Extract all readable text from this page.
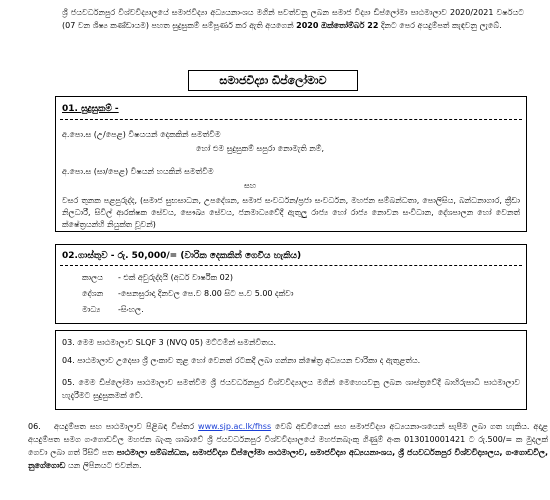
ශ්‍රී ජයවර්ධනපුර විශ්වවිද්‍යාලයේ සමාජවිද්‍යා අධ්‍යයනාංශය මගින් පවත්වනු ලබන සමාජ විද්‍යා ඩිප්ලෝමා පාඨමාලාව 2020/2021 වර්ෂයට (07 වන ශිෂ්‍ය කණ්ඩායම) පහත සුදුසුකම් සම්පූර්ණ කර ඇති අයගෙන් 2020 ඔක්තෝම්බර් 22 දිනට පෙර අයදුම්පත් කැඳවනු ලැබේ.
සමාජවිද්‍යා ඩිප්ලෝමාව
01. සුදුසුකම් -
අ.පො.ස (උ/පෙළ) විෂයයන් දෙකකින් සමත්වීම
හෝ එම සුදුසුකම් සපුරා නොමැති නම්,
අ.පො.ස (සා/පෙළ) විෂයන් හයකින් සමත්වීම
සහ
වසර තුනක පළපුරුද්ද, (සමාජ සුභසාධන, උපදේශන, සමාජ සංවර්ධන/ප්‍රජා සංවර්ධන, මහජන සම්බන්ධතා, පොලිසිය, බන්ධනාගාර, ක්‍රීඩා නිලධාරී, සිවිල් ආරක්ෂක සේවය, සෞඛ්‍ය සේවය, ජනමාධ්‍යවේදී ඇතුලු රාජ්‍ය හෝ රාජ්‍ය නොවන සංවිධාන, දේශපාලන හෝ වෙනත් ක්ෂේත්‍රයන්හි නියුක්ත වූවන්)
02.ගාස්තුව - රු. 50,000/= (වාරික දෙකකින් ගෙවිය හැකිය)
කාලය - එක් අවුරුද්දයි (අර්ධ වාර්ෂික 02)
දේශන -සෙනසුරාදා දිනවල පෙ.ව 8.00 සිට ප.ව 5.00 දක්වා
මාධ්‍ය -සිංහල.
03. මෙම පාඨමාලාව SLQF 3 (NVQ 05) මට්ටමින් සමන්විතය.
04. පාඨමාලාව උදෙසා ශ්‍රී ලංකාව තුළ හෝ වෙනත් රටකදී ලබා ගන්නා ක්ෂේත්‍ර අධ්‍යයන චාරිකා ද ඇතුළත්ය.
05. මෙම ඩිප්ලෝමා පාඨමාලාව සමත්වීම ශ්‍රී ජයවර්ධනපුර විශ්වවිද්‍යාලය මගින් මෙහෙයවනු ලබන ශාස්ත්‍රවේදී බාහිරුපාධි පාඨමාලාව හැදැරීමට සුදුසුකමක් වේ.
06. අයදුම්පත සහ පාඨමාලාව පිළිබඳ විස්තර www.sjp.ac.lk/fhss වෙබ් අඩවියෙන් සහ සමාජවිද්‍යා අධ්‍යයනාංශයෙන් සැපීම ලබා ගත හැකිය. අදාළ අයදුම්පත සමග ගංගොඩවිල මහජන බැංකු ශාඛාවේ ශ්‍රී ජයවර්ධනපුර විශ්වවිද්‍යාලයේ මහජනබැංකු ගිණුම් අංක 013010001421 ට රු.500/= ක මුදලක් ගෙවා ලබා ගත් රිසිට් පත පාඨමාලා සම්බන්ධක, සමාජවිද්‍යා ඩිප්ලෝමා පාඨමාලාව, සමාජවිද්‍යා අධ්‍යයනාංශය, ශ්‍රී ජයවර්ධනපුර විශ්වවිද්‍යාලය, ගංගොඩවිල, නුගේගොඩ යන ලිපිනයට එවන්න.
